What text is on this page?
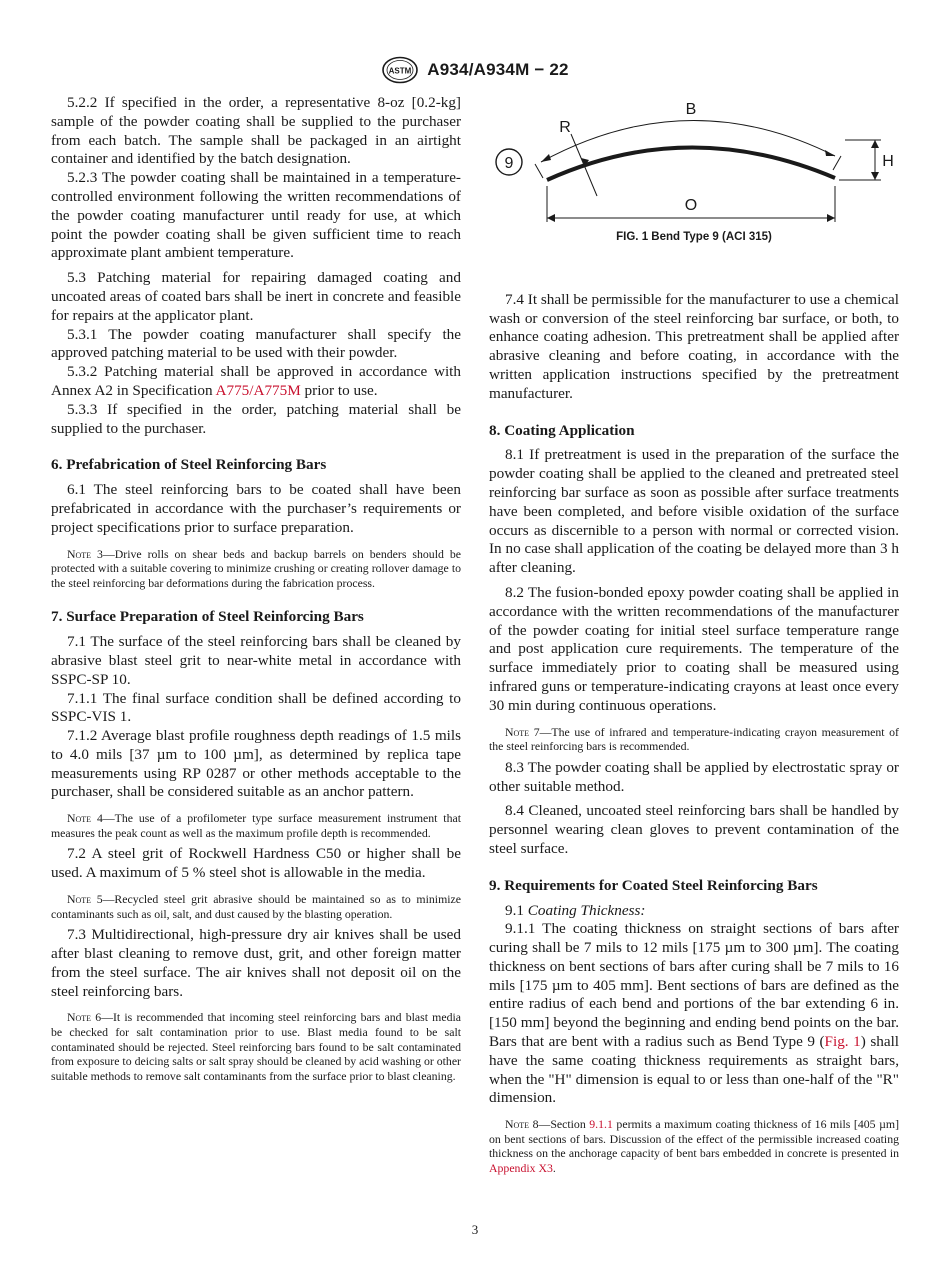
ASTM A934/A934M − 22

5.2.2 If specified in the order, a representative 8-oz [0.2-kg] sample of the powder coating shall be supplied to the purchaser from each batch. The sample shall be packaged in an airtight container and identified by the batch designation.

5.2.3 The powder coating shall be maintained in a temperature-controlled environment following the written recommendations of the powder coating manufacturer until ready for use, at which point the powder coating shall be given sufficient time to reach approximate plant ambient temperature.

5.3 Patching material for repairing damaged coating and uncoated areas of coated bars shall be inert in concrete and feasible for repairs at the applicator plant.

5.3.1 The powder coating manufacturer shall specify the approved patching material to be used with their powder.

5.3.2 Patching material shall be approved in accordance with Annex A2 in Specification A775/A775M prior to use.

5.3.3 If specified in the order, patching material shall be supplied to the purchaser.

6. Prefabrication of Steel Reinforcing Bars

6.1 The steel reinforcing bars to be coated shall have been prefabricated in accordance with the purchaser’s requirements or project specifications prior to surface preparation.

Note 3—Drive rolls on shear beds and backup barrels on benders should be protected with a suitable covering to minimize crushing or creating rollover damage to the steel reinforcing bar deformations during the fabrication process.

7. Surface Preparation of Steel Reinforcing Bars

7.1 The surface of the steel reinforcing bars shall be cleaned by abrasive blast steel grit to near-white metal in accordance with SSPC-SP 10.

7.1.1 The final surface condition shall be defined according to SSPC-VIS 1.

7.1.2 Average blast profile roughness depth readings of 1.5 mils to 4.0 mils [37 µm to 100 µm], as determined by replica tape measurements using RP 0287 or other methods acceptable to the purchaser, shall be considered suitable as an anchor pattern.

Note 4—The use of a profilometer type surface measurement instrument that measures the peak count as well as the maximum profile depth is recommended.

7.2 A steel grit of Rockwell Hardness C50 or higher shall be used. A maximum of 5 % steel shot is allowable in the media.

Note 5—Recycled steel grit abrasive should be maintained so as to minimize contaminants such as oil, salt, and dust caused by the blasting operation.

7.3 Multidirectional, high-pressure dry air knives shall be used after blast cleaning to remove dust, grit, and other foreign matter from the steel surface. The air knives shall not deposit oil on the steel reinforcing bars.

Note 6—It is recommended that incoming steel reinforcing bars and blast media be checked for salt contamination prior to use. Blast media found to be salt contaminated should be rejected. Steel reinforcing bars found to be salt contaminated from exposure to deicing salts or salt spray should be cleaned by acid washing or other suitable methods to remove salt contaminants from the surface prior to blast cleaning.

9
B
R
H
O

FIG. 1 Bend Type 9 (ACI 315)

7.4 It shall be permissible for the manufacturer to use a chemical wash or conversion of the steel reinforcing bar surface, or both, to enhance coating adhesion. This pretreatment shall be applied after abrasive cleaning and before coating, in accordance with the written application instructions specified by the pretreatment manufacturer.

8. Coating Application

8.1 If pretreatment is used in the preparation of the surface the powder coating shall be applied to the cleaned and pretreated steel reinforcing bar surface as soon as possible after surface treatments have been completed, and before visible oxidation of the surface occurs as discernible to a person with normal or corrected vision. In no case shall application of the coating be delayed more than 3 h after cleaning.

8.2 The fusion-bonded epoxy powder coating shall be applied in accordance with the written recommendations of the manufacturer of the powder coating for initial steel surface temperature range and post application cure requirements. The temperature of the surface immediately prior to coating shall be measured using infrared guns or temperature-indicating crayons at least once every 30 min during continuous operations.

Note 7—The use of infrared and temperature-indicating crayon measurement of the steel reinforcing bars is recommended.

8.3 The powder coating shall be applied by electrostatic spray or other suitable method.

8.4 Cleaned, uncoated steel reinforcing bars shall be handled by personnel wearing clean gloves to prevent contamination of the steel surface.

9. Requirements for Coated Steel Reinforcing Bars

9.1 Coating Thickness:

9.1.1 The coating thickness on straight sections of bars after curing shall be 7 mils to 12 mils [175 µm to 300 µm]. The coating thickness on bent sections of bars after curing shall be 7 mils to 16 mils [175 µm to 405 mm]. Bent sections of bars are defined as the entire radius of each bend and portions of the bar extending 6 in. [150 mm] beyond the beginning and ending bend points on the bar. Bars that are bent with a radius such as Bend Type 9 (Fig. 1) shall have the same coating thickness requirements as straight bars, when the "H" dimension is equal to or less than one-half of the "R" dimension.

Note 8—Section 9.1.1 permits a maximum coating thickness of 16 mils [405 µm] on bent sections of bars. Discussion of the effect of the permissible increased coating thickness on the anchorage capacity of bent bars embedded in concrete is presented in Appendix X3.

3
